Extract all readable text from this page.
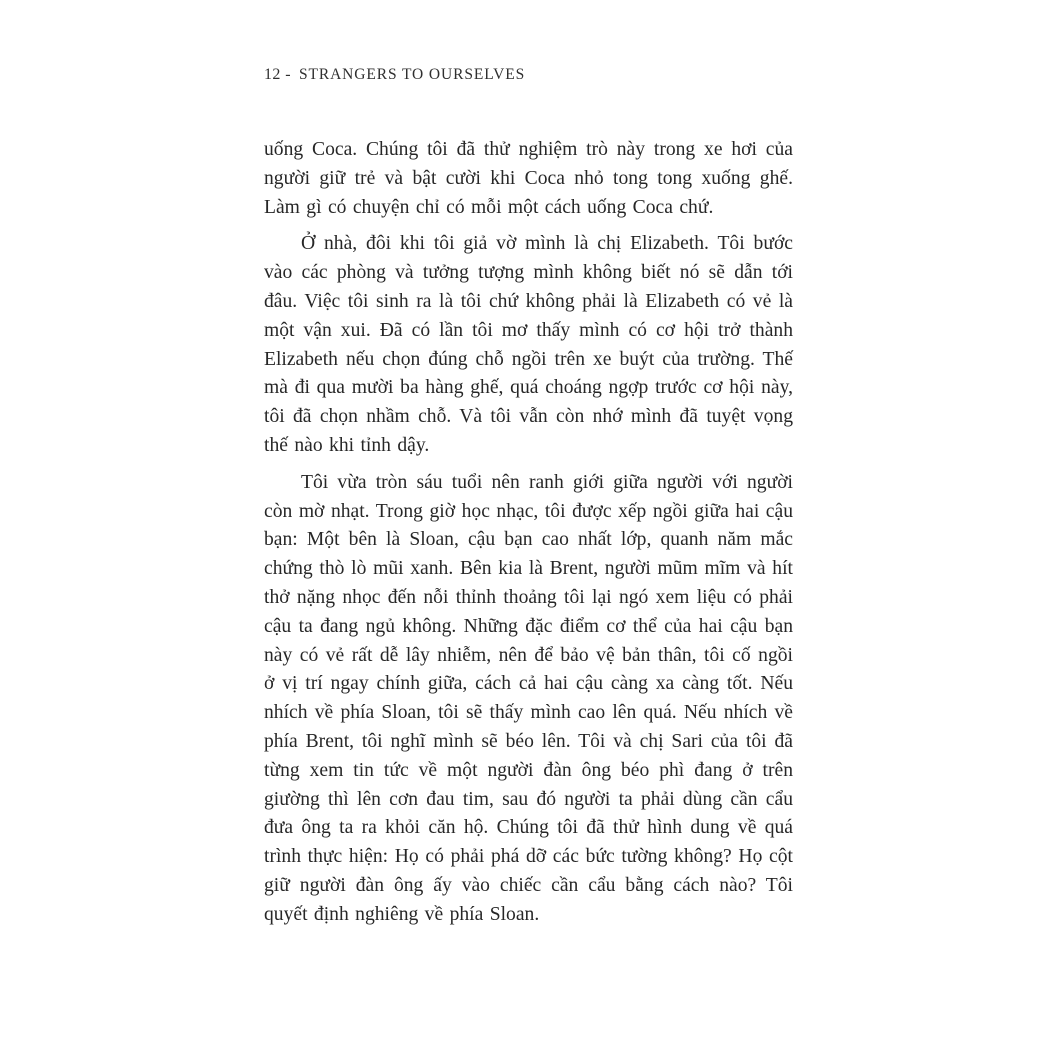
12 - STRANGERS TO OURSELVES

uống Coca. Chúng tôi đã thử nghiệm trò này trong xe hơi của người giữ trẻ và bật cười khi Coca nhỏ tong tong xuống ghế. Làm gì có chuyện chỉ có mỗi một cách uống Coca chứ.

Ở nhà, đôi khi tôi giả vờ mình là chị Elizabeth. Tôi bước vào các phòng và tưởng tượng mình không biết nó sẽ dẫn tới đâu. Việc tôi sinh ra là tôi chứ không phải là Elizabeth có vẻ là một vận xui. Đã có lần tôi mơ thấy mình có cơ hội trở thành Elizabeth nếu chọn đúng chỗ ngồi trên xe buýt của trường. Thế mà đi qua mười ba hàng ghế, quá choáng ngợp trước cơ hội này, tôi đã chọn nhầm chỗ. Và tôi vẫn còn nhớ mình đã tuyệt vọng thế nào khi tỉnh dậy.

Tôi vừa tròn sáu tuổi nên ranh giới giữa người với người còn mờ nhạt. Trong giờ học nhạc, tôi được xếp ngồi giữa hai cậu bạn: Một bên là Sloan, cậu bạn cao nhất lớp, quanh năm mắc chứng thò lò mũi xanh. Bên kia là Brent, người mũm mĩm và hít thở nặng nhọc đến nỗi thỉnh thoảng tôi lại ngó xem liệu có phải cậu ta đang ngủ không. Những đặc điểm cơ thể của hai cậu bạn này có vẻ rất dễ lây nhiễm, nên để bảo vệ bản thân, tôi cố ngồi ở vị trí ngay chính giữa, cách cả hai cậu càng xa càng tốt. Nếu nhích về phía Sloan, tôi sẽ thấy mình cao lên quá. Nếu nhích về phía Brent, tôi nghĩ mình sẽ béo lên. Tôi và chị Sari của tôi đã từng xem tin tức về một người đàn ông béo phì đang ở trên giường thì lên cơn đau tim, sau đó người ta phải dùng cần cẩu đưa ông ta ra khỏi căn hộ. Chúng tôi đã thử hình dung về quá trình thực hiện: Họ có phải phá dỡ các bức tường không? Họ cột giữ người đàn ông ấy vào chiếc cần cẩu bằng cách nào? Tôi quyết định nghiêng về phía Sloan.
